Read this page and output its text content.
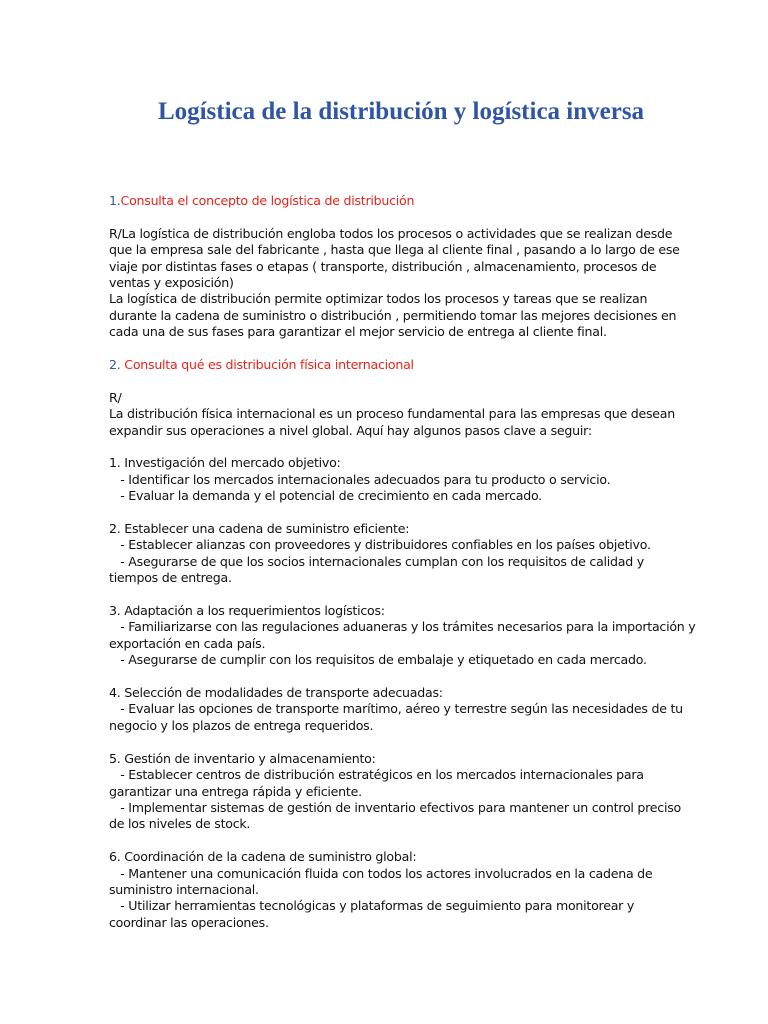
Logística de la distribución y logística inversa

1.Consulta el concepto de logística de distribución

R/La logística de distribución engloba todos los procesos o actividades que se realizan desde

que la empresa sale del fabricante , hasta que llega al cliente final , pasando a lo largo de ese

viaje por distintas fases o etapas ( transporte, distribución , almacenamiento, procesos de

ventas y exposición)

La logística de distribución permite optimizar todos los procesos y tareas que se realizan

durante la cadena de suministro o distribución , permitiendo tomar las mejores decisiones en

cada una de sus fases para garantizar el mejor servicio de entrega al cliente final.

2. Consulta qué es distribución física internacional

R/

La distribución física internacional es un proceso fundamental para las empresas que desean

expandir sus operaciones a nivel global. Aquí hay algunos pasos clave a seguir:

1. Investigación del mercado objetivo:

- Identificar los mercados internacionales adecuados para tu producto o servicio.

- Evaluar la demanda y el potencial de crecimiento en cada mercado.

2. Establecer una cadena de suministro eficiente:

- Establecer alianzas con proveedores y distribuidores confiables en los países objetivo.

- Asegurarse de que los socios internacionales cumplan con los requisitos de calidad y

tiempos de entrega.

3. Adaptación a los requerimientos logísticos:

- Familiarizarse con las regulaciones aduaneras y los trámites necesarios para la importación y

exportación en cada país.

- Asegurarse de cumplir con los requisitos de embalaje y etiquetado en cada mercado.

4. Selección de modalidades de transporte adecuadas:

- Evaluar las opciones de transporte marítimo, aéreo y terrestre según las necesidades de tu

negocio y los plazos de entrega requeridos.

5. Gestión de inventario y almacenamiento:

- Establecer centros de distribución estratégicos en los mercados internacionales para

garantizar una entrega rápida y eficiente.

- Implementar sistemas de gestión de inventario efectivos para mantener un control preciso

de los niveles de stock.

6. Coordinación de la cadena de suministro global:

- Mantener una comunicación fluida con todos los actores involucrados en la cadena de

suministro internacional.

- Utilizar herramientas tecnológicas y plataformas de seguimiento para monitorear y

coordinar las operaciones.
